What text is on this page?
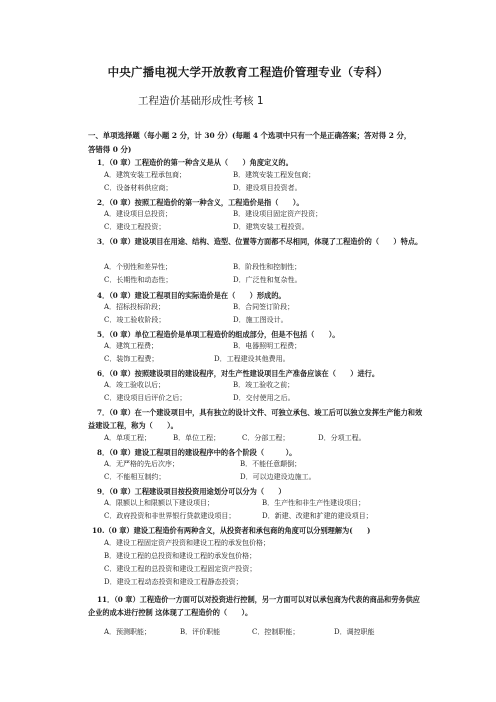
中央广播电视大学开放教育工程造价管理专业（专科）
工程造价基础形成性考核 1
一、单项选择题（每小题 2 分，计 30 分）(每题 4 个选项中只有一个是正确答案；答对得 2 分，答错得 0 分)
1．（0 章）工程造价的第一种含义是从（　　）角度定义的。
A．建筑安装工程承包商；	B．建筑安装工程发包商；
C．设备材料供应商；	D．建设项目投资者。
2．（0 章）按照工程造价的第一种含义，工程造价是指（　　）。
A．建设项目总投资；	B．建设项目固定资产投资；
C．建设工程投资；	D．建筑安装工程投资。
3．（0 章）建设项目在用途、结构、造型、位置等方面都不尽相同，体现了工程造价的（　　）特点。
A．个别性和差异性；	B．阶段性和控制性；
C．长期性和动态性；	D．广泛性和复杂性。
4．（0 章）建设工程项目的实际造价是在（　　）形成的。
A．招标投标阶段；	B．合同签订阶段；
C．竣工验收阶段；	D．施工图设计。
5．（0 章）单位工程造价是单项工程造价的组成部分，但是不包括（　　）。
A．建筑工程费；	B．电器照明工程费；
C．装饰工程费；	D．工程建设其他费用。
6．（0 章）按照建设项目的建设程序，对生产性建设项目生产准备应该在（　　）进行。
A．竣工验收以后；	B．竣工验收之前；
C．建设项目后评价之后；	D．交付使用之后。
7．（0 章）在一个建设项目中，具有独立的设计文件、可独立承包、竣工后可以独立发挥生产能力和效益建设工程，称为（　　）。
A．单项工程；	B．单位工程；	C．分部工程；	D．分项工程。
8．（0 章）建设工程项目的建设程序中的各个阶段（　　　）。
A．无严格的先后次序；	B．不能任意颠倒；
C．不能相互制约；	D．可以边建设边施工。
9．（0 章）工程建设项目按投资用途划分可以分为（　　）
A．限额以上和限额以下建设项目；	B．生产性和非生产性建设项目；
C．政府投资和非世界银行贷款建设项目；	D．新建、改建和扩建的建设项目；
10.（0 章）建设工程造价有两种含义，从投资者和承包商的角度可以分别理解为(　　)
A．建设工程固定资产投资和建设工程的承发包价格；
B．建设工程的总投资和建设工程的承发包价格；
C．建设工程的总投资和建设工程固定资产投资；
D．建设工程动态投资和建设工程静态投资；
11．（0 章）工程造价一方面可以对投资进行控制，另一方面可以对以承包商为代表的商品和劳务供应企业的成本进行控制 这体现了工程造价的（　　）。
A．预测职能；	B．评价职能	C．控制职能；	D．调控职能
